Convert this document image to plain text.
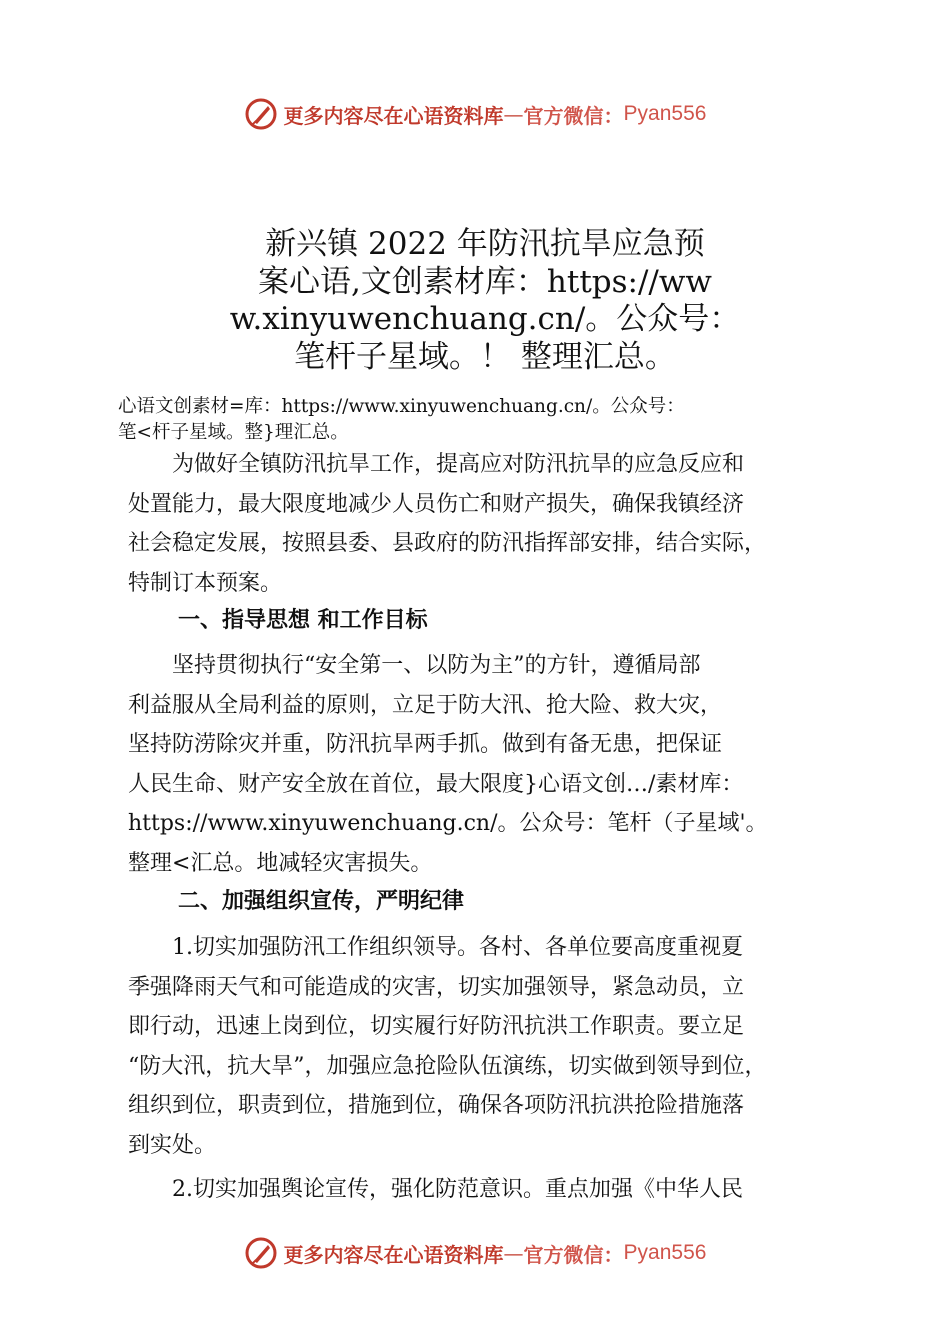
更多内容尽在心语资料库 — 官方微信： Pyan556
新兴镇 2022 年防汛抗旱应急预
案心语,文创素材库：https://ww
w.xinyuwenchuang.cn/。公众号：
笔杆子星域。！ 整理汇总。
心语文创素材=库：https://www.xinyuwenchuang.cn/。公众号：
笔<杆子星域。整}理汇总。
　　为做好全镇防汛抗旱工作，提高应对防汛抗旱的应急反应和
处置能力，最大限度地减少人员伤亡和财产损失，确保我镇经济
社会稳定发展，按照县委、县政府的防汛指挥部安排，结合实际，
特制订本预案。
一、指导思想 和工作目标
　　坚持贯彻执行“安全第一、以防为主”的方针，遵循局部
利益服从全局利益的原则，立足于防大汛、抢大险、救大灾，
坚持防涝除灾并重，防汛抗旱两手抓。做到有备无患，把保证
人民生命、财产安全放在首位，最大限度}心语文创…/素材库：
https://www.xinyuwenchuang.cn/。公众号：笔杆（子星域'。
整理<汇总。地减轻灾害损失。
二、加强组织宣传，严明纪律
　　1.切实加强防汛工作组织领导。各村、各单位要高度重视夏
季强降雨天气和可能造成的灾害，切实加强领导，紧急动员，立
即行动，迅速上岗到位，切实履行好防汛抗洪工作职责。要立足
“防大汛，抗大旱”，加强应急抢险队伍演练，切实做到领导到位，
组织到位，职责到位，措施到位，确保各项防汛抗洪抢险措施落
到实处。
　　2.切实加强舆论宣传，强化防范意识。重点加强《中华人民
更多内容尽在心语资料库 — 官方微信： Pyan556
